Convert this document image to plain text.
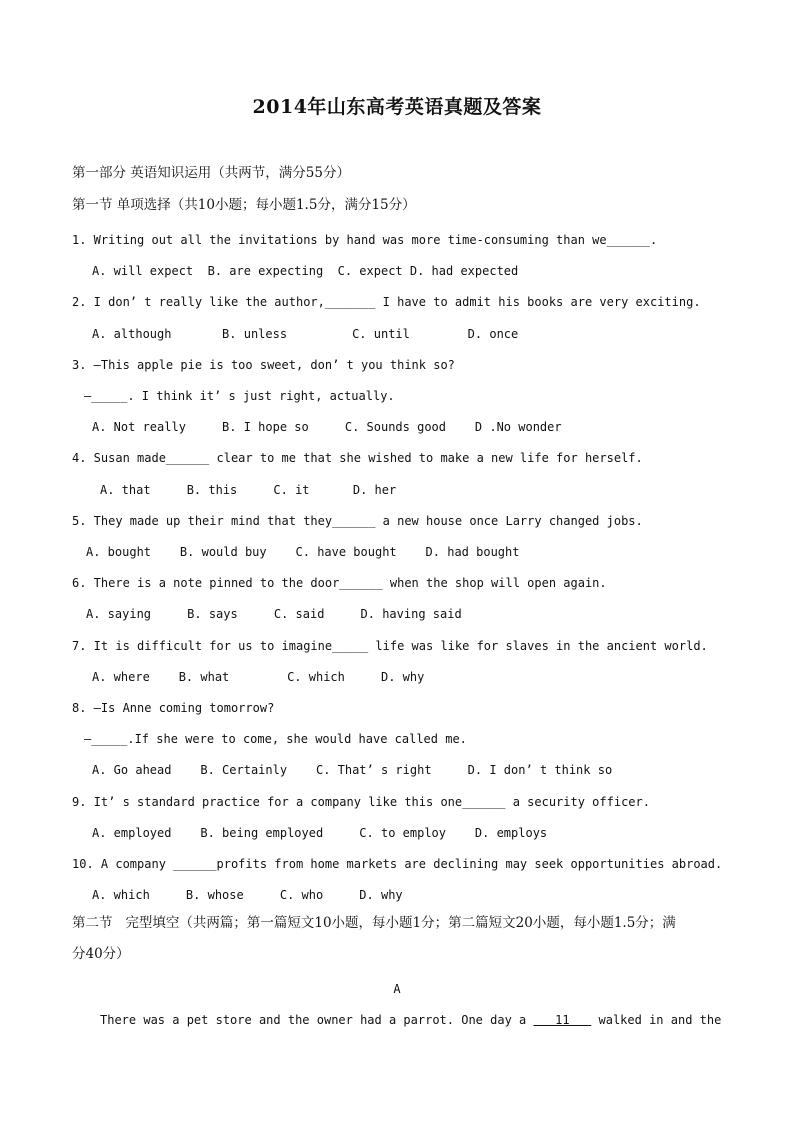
2014年山东高考英语真题及答案
第一部分 英语知识运用（共两节，满分55分）
第一节 单项选择（共10小题；每小题1.5分，满分15分）
1. Writing out all the invitations by hand was more time-consuming than we______.
A. will expect  B. are expecting  C. expect D. had expected
2. I don’ t really like the author,_______ I have to admit his books are very exciting.
A. although       B. unless         C. until        D. once
3. —This apple pie is too sweet, don’ t you think so?
—_____. I think it’ s just right, actually.
A. Not really     B. I hope so     C. Sounds good    D .No wonder
4. Susan made______ clear to me that she wished to make a new life for herself.
A. that     B. this     C. it      D. her
5. They made up their mind that they______ a new house once Larry changed jobs.
A. bought    B. would buy    C. have bought    D. had bought
6. There is a note pinned to the door______ when the shop will open again.
A. saying     B. says     C. said     D. having said
7. It is difficult for us to imagine_____ life was like for slaves in the ancient world.
A. where    B. what        C. which     D. why
8. —Is Anne coming tomorrow?
—_____.If she were to come, she would have called me.
A. Go ahead    B. Certainly    C. That’ s right     D. I don’ t think so
9. It’ s standard practice for a company like this one______ a security officer.
A. employed    B. being employed     C. to employ    D. employs
10. A company ______profits from home markets are declining may seek opportunities abroad.
A. which     B. whose     C. who     D. why
第二节   完型填空（共两篇；第一篇短文10小题，每小题1分；第二篇短文20小题，每小题1.5分；满
分40分）
A
There was a pet store and the owner had a parrot. One day a    11    walked in and the
